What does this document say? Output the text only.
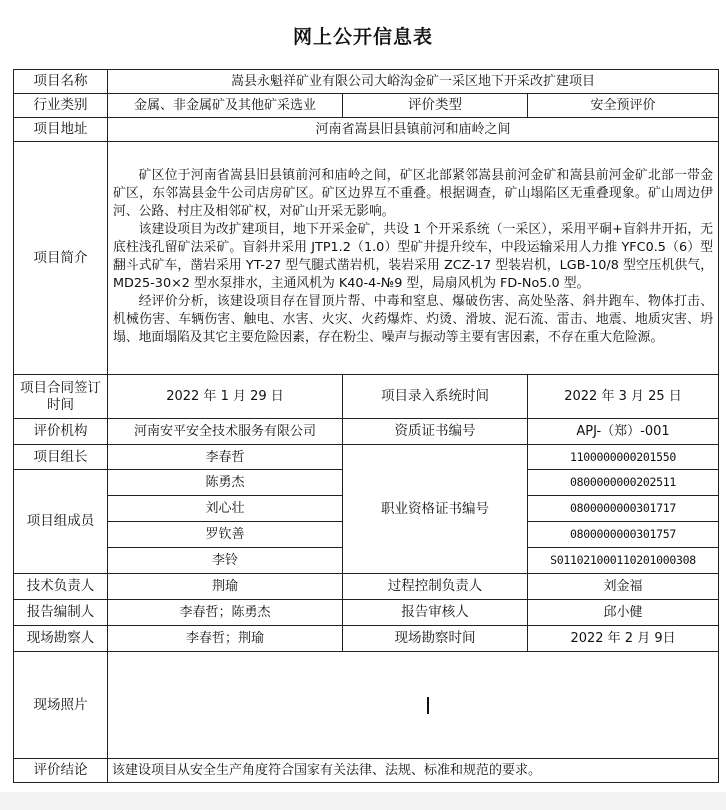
网上公开信息表
项目名称	嵩县永魁祥矿业有限公司大峪沟金矿一采区地下开采改扩建项目		
行业类别	金属、非金属矿及其他矿采选业	评价类型	安全预评价
项目地址	河南省嵩县旧县镇前河和庙岭之间		
项目简介	矿区位于河南省嵩县旧县镇前河和庙岭之间，矿区北部紧邻嵩县前河金矿和嵩县前河金矿北部一带金矿区，东邻嵩县金牛公司店房矿区。矿区边界互不重叠。根据调查，矿山塌陷区无重叠现象。矿山周边伊河、公路、村庄及相邻矿权，对矿山开采无影响。

该建设项目为改扩建项目，地下开采金矿，共设 1 个开采系统（一采区），采用平硐+盲斜井开拓，无底柱浅孔留矿法采矿。盲斜井采用 JTP1.2（1.0）型矿井提升绞车，中段运输采用人力推 YFC0.5（6）型翻斗式矿车，凿岩采用 YT-27 型气腿式凿岩机，装岩采用 ZCZ-17 型装岩机，LGB-10/8 型空压机供气，MD25-30×2 型水泵排水，主通风机为 K40-4-№9 型，局扇风机为 FD-No5.0 型。

经评价分析，该建设项目存在冒顶片帮、中毒和窒息、爆破伤害、高处坠落、斜井跑车、物体打击、机械伤害、车辆伤害、触电、水害、火灾、火药爆炸、灼烫、滑坡、泥石流、雷击、地震、地质灾害、坍塌、地面塌陷及其它主要危险因素，存在粉尘、噪声与振动等主要有害因素，不存在重大危险源。		

项目合同签订时间	2022 年 1 月 29 日	项目录入系统时间	2022 年 3 月 25 日
评价机构	河南安平安全技术服务有限公司	资质证书编号	APJ-（郑）-001
项目组长	李春哲	职业资格证书编号	1100000000201550
项目组成员	陈勇杰		0800000000202511
	刘心壮		0800000000301717
	罗钦善		0800000000301757
	李铃		S011021000110201000308
技术负责人	荆瑜	过程控制负责人	刘金福
报告编制人	李春哲；陈勇杰	报告审核人	邱小健
现场勘察人	李春哲；荆瑜	现场勘察时间	2022 年 2 月 9日
现场照片			
评价结论	该建设项目从安全生产角度符合国家有关法律、法规、标准和规范的要求。		
